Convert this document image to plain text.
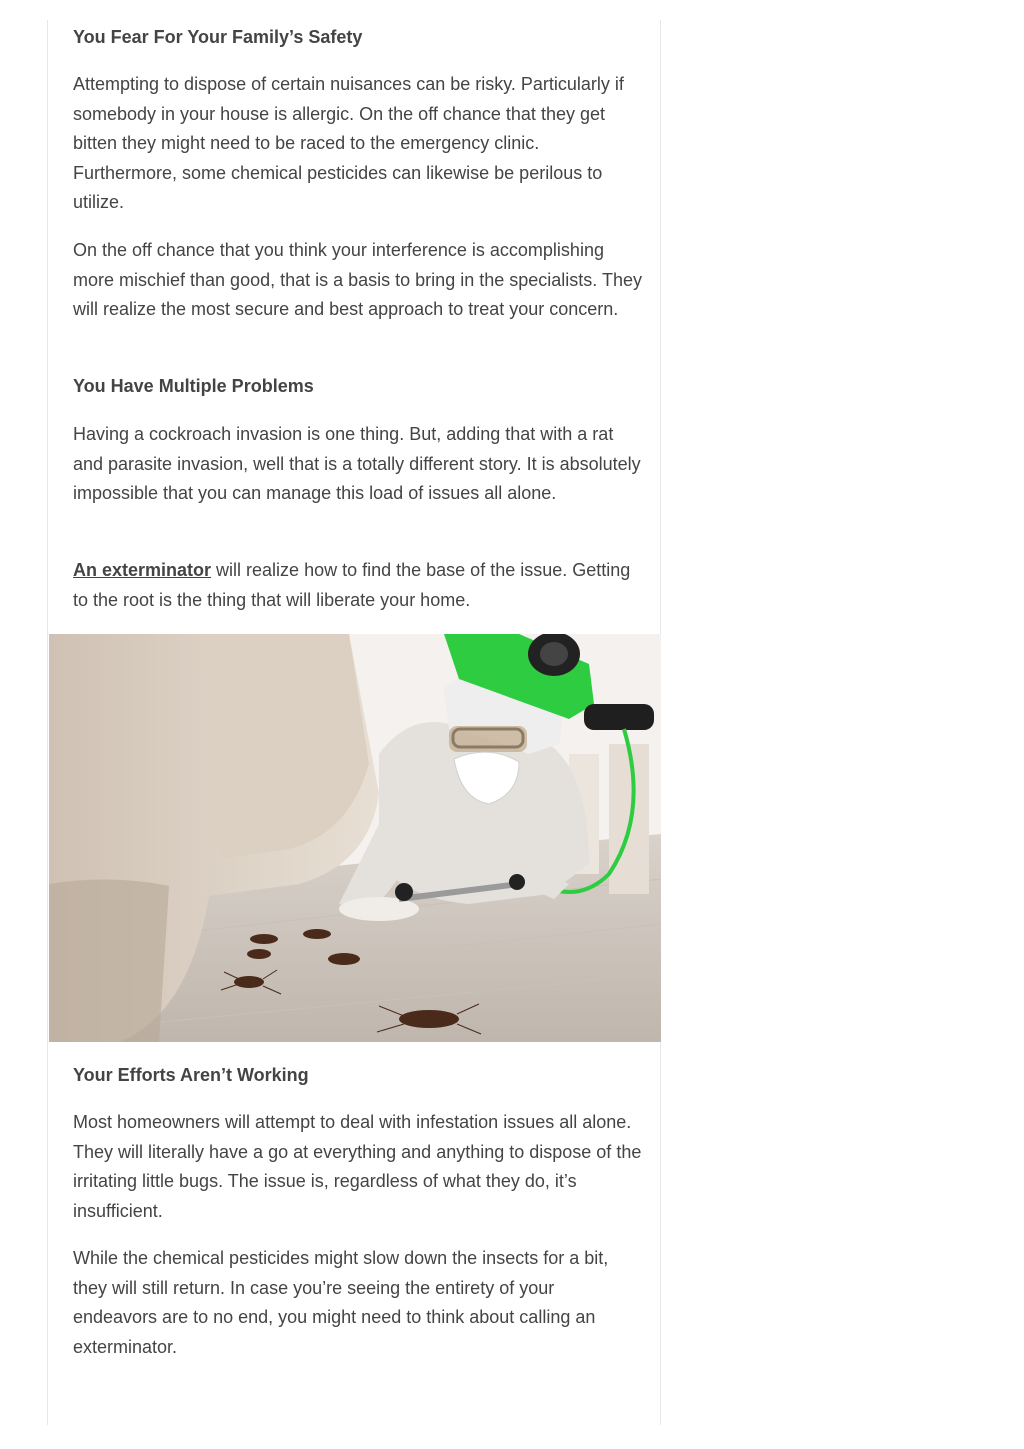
You Fear For Your Family’s Safety

Attempting to dispose of certain nuisances can be risky. Particularly if somebody in your house is allergic. On the off chance that they get bitten they might need to be raced to the emergency clinic. Furthermore, some chemical pesticides can likewise be perilous to utilize.

On the off chance that you think your interference is accomplishing more mischief than good, that is a basis to bring in the specialists. They will realize the most secure and best approach to treat your concern.

You Have Multiple Problems

Having a cockroach invasion is one thing. But, adding that with a rat and parasite invasion, well that is a totally different story. It is absolutely impossible that you can manage this load of issues all alone.

An exterminator will realize how to find the base of the issue. Getting to the root is the thing that will liberate your home.

Your Efforts Aren’t Working

Most homeowners will attempt to deal with infestation issues all alone. They will literally have a go at everything and anything to dispose of the irritating little bugs. The issue is, regardless of what they do, it’s insufficient.

While the chemical pesticides might slow down the insects for a bit, they will still return. In case you’re seeing the entirety of your endeavors are to no end, you might need to think about calling an exterminator.
